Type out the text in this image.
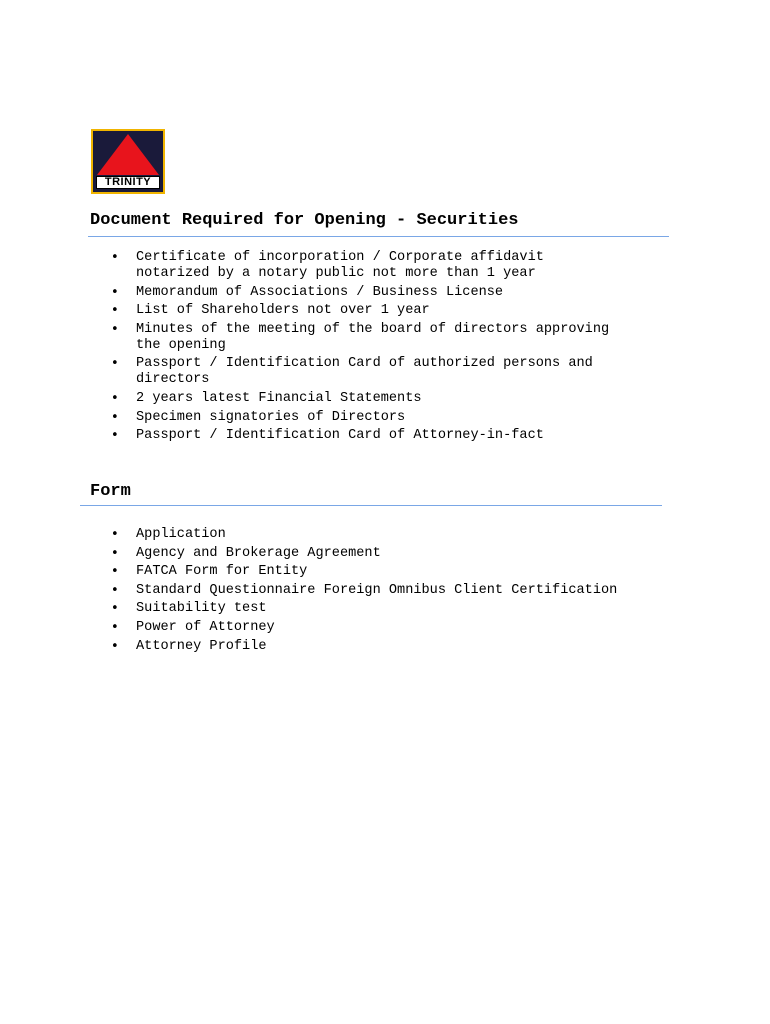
TRINITY
Document Required for Opening - Securities
• Certificate of incorporation / Corporate affidavit
notarized by a notary public not more than 1 year
• Memorandum of Associations / Business License
• List of Shareholders not over 1 year
• Minutes of the meeting of the board of directors approving
the opening
• Passport / Identification Card of authorized persons and
directors
• 2 years latest Financial Statements
• Specimen signatories of Directors
• Passport / Identification Card of Attorney-in-fact
Form
• Application
• Agency and Brokerage Agreement
• FATCA Form for Entity
• Standard Questionnaire Foreign Omnibus Client Certification
• Suitability test
• Power of Attorney
• Attorney Profile
